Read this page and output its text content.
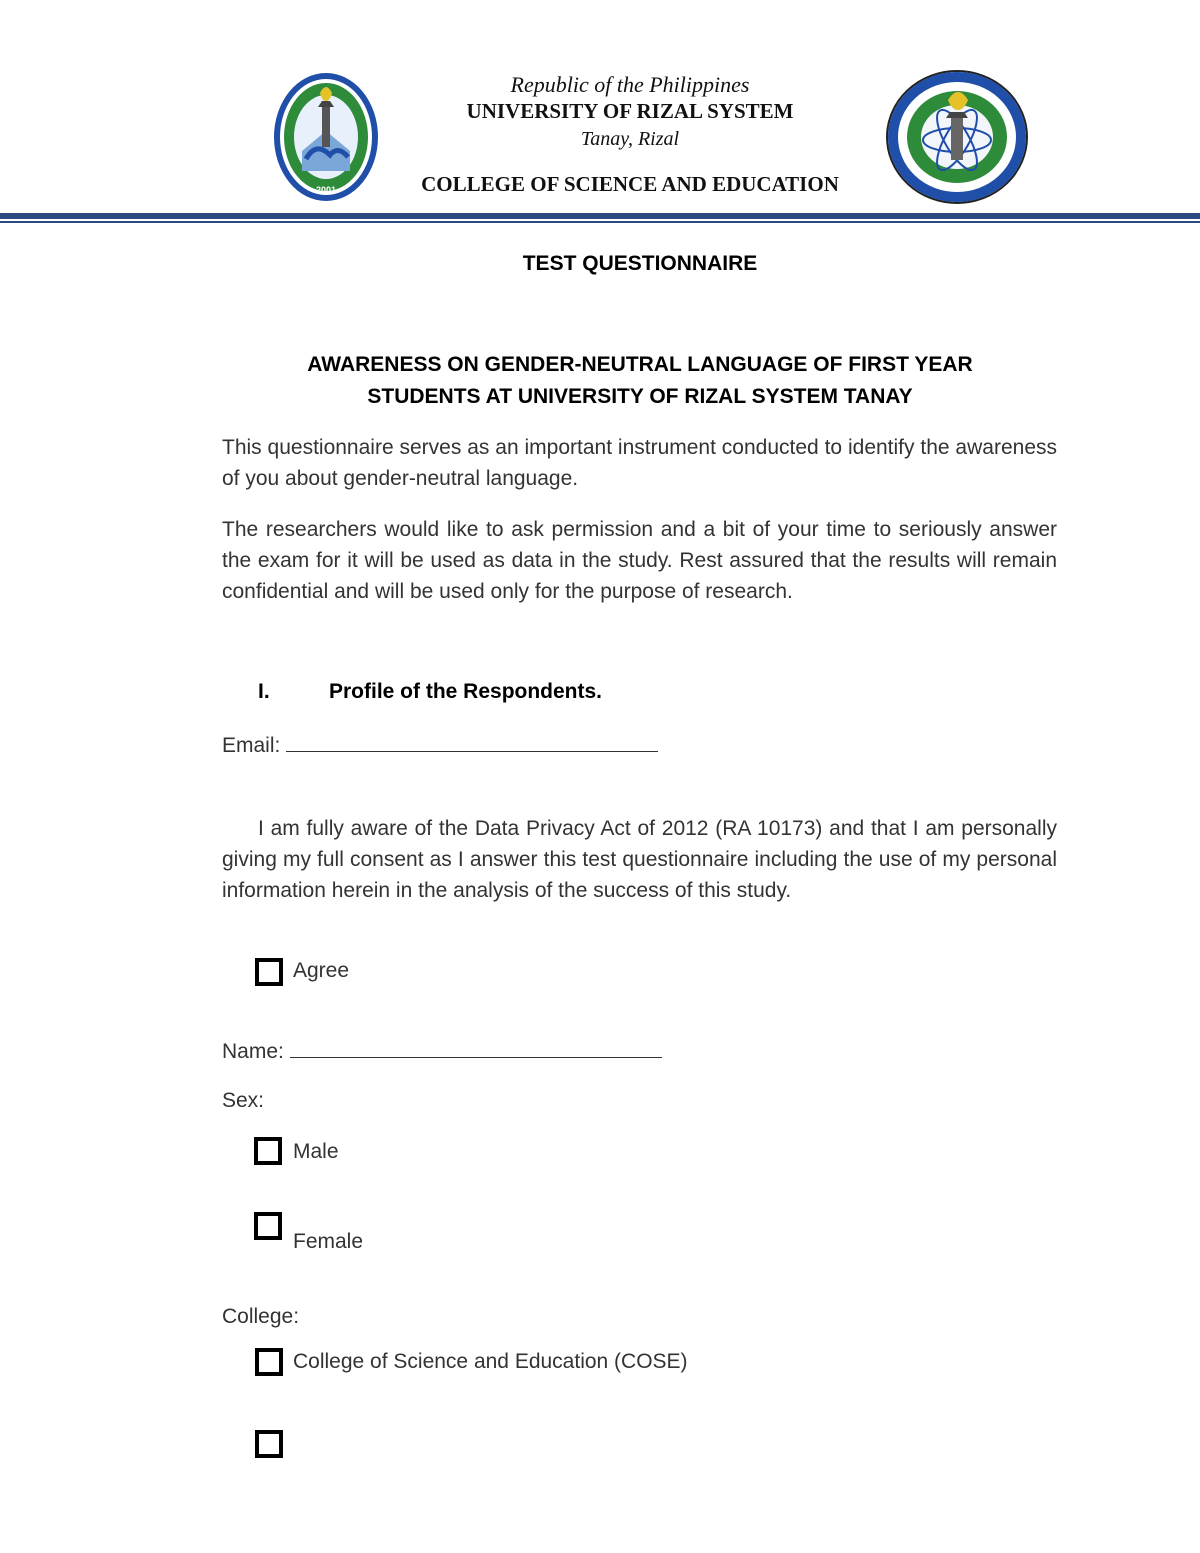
2001
Republic of the Philippines
UNIVERSITY OF RIZAL SYSTEM
Tanay, Rizal
COLLEGE OF SCIENCE AND EDUCATION
TEST QUESTIONNAIRE
AWARENESS ON GENDER-NEUTRAL LANGUAGE OF FIRST YEAR
STUDENTS AT UNIVERSITY OF RIZAL SYSTEM TANAY
This questionnaire serves as an important instrument conducted to identify the awareness of you about gender-neutral language.
The researchers would like to ask permission and a bit of your time to seriously answer the exam for it will be used as data in the study. Rest assured that the results will remain confidential and will be used only for the purpose of research.
I.	Profile of the Respondents.
Email:
I am fully aware of the Data Privacy Act of 2012 (RA 10173) and that I am personally giving my full consent as I answer this test questionnaire including the use of my personal information herein in the analysis of the success of this study.
Agree
Name:
Sex:
Male
Female
College:
College of Science and Education (COSE)
